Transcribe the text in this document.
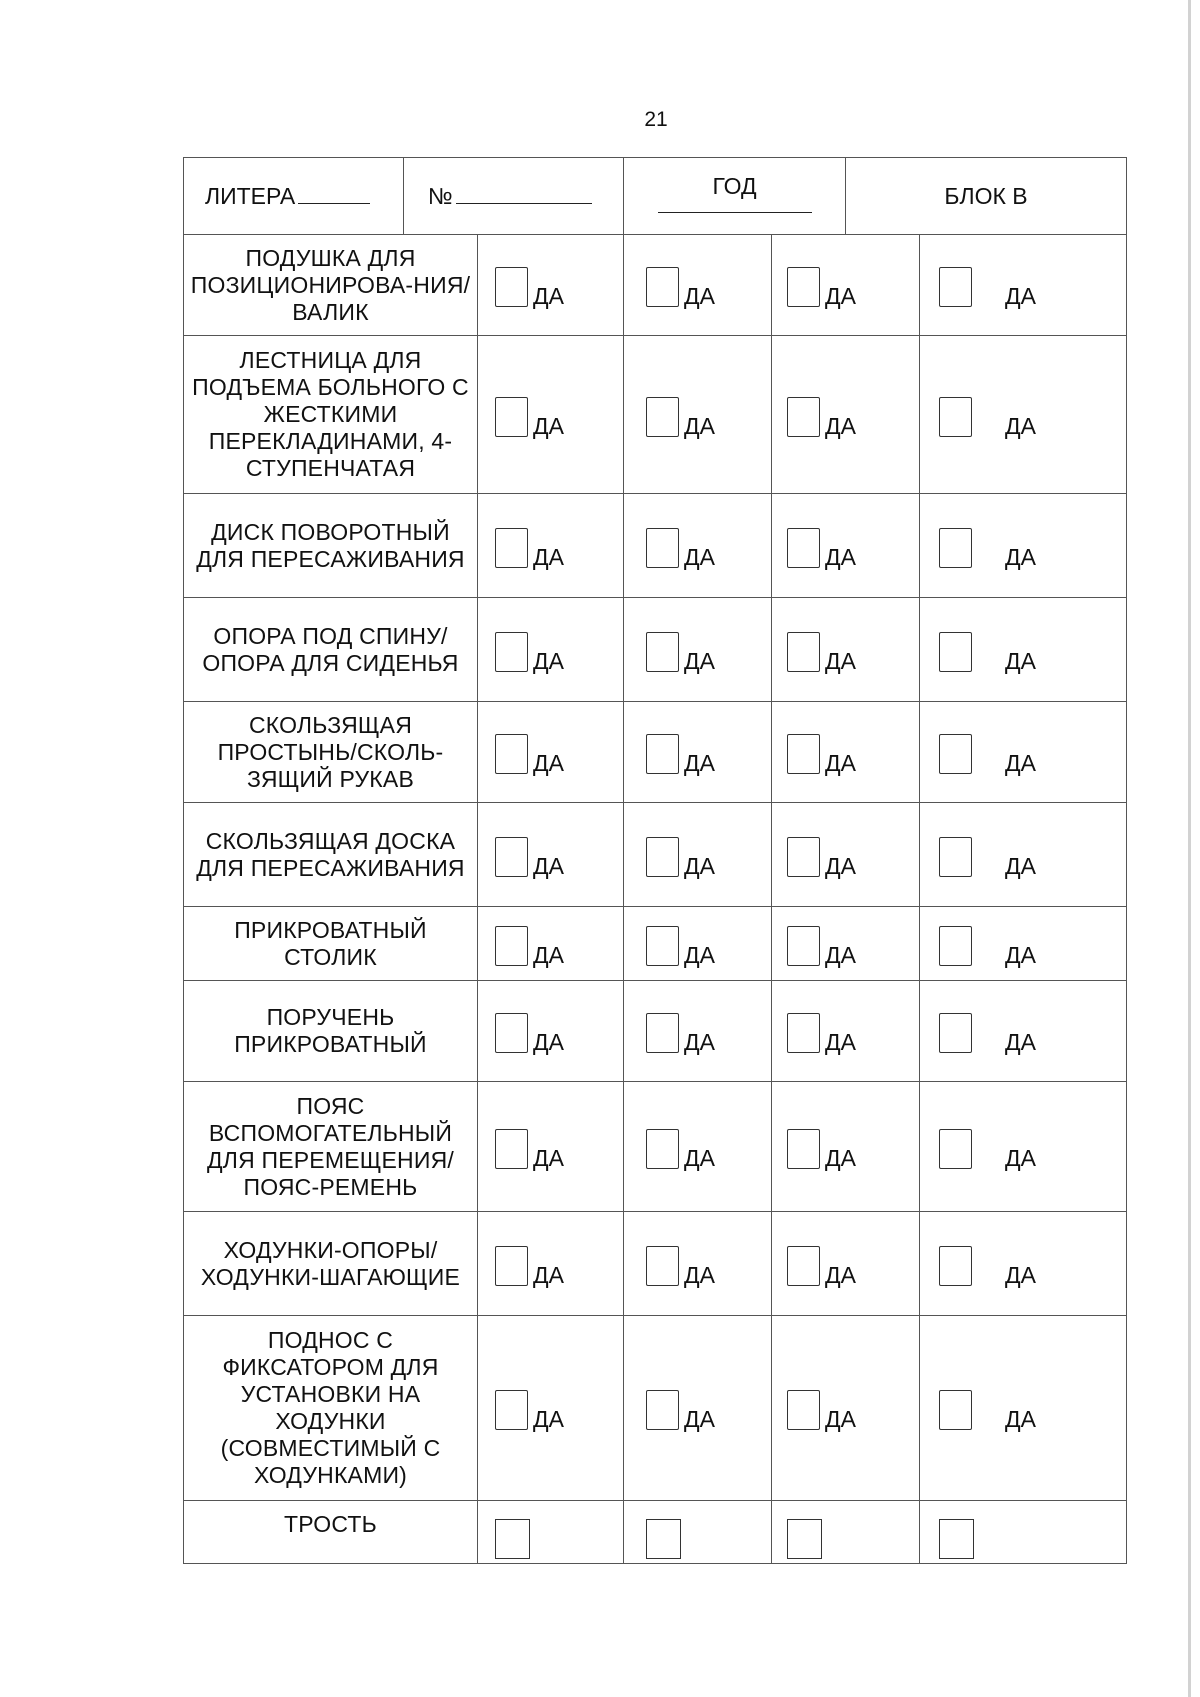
21
ЛИТЕРА	№		ГОД		БЛОК В	
ПОДУШКА ДЛЯ ПОЗИЦИОНИРОВА-НИЯ/ВАЛИК		ДА	ДА	ДА		ДА

ЛЕСТНИЦА ДЛЯ ПОДЪЕМА БОЛЬНОГО С ЖЕСТКИМИ ПЕРЕКЛАДИНАМИ, 4-СТУПЕНЧАТАЯ		ДА	ДА	ДА		ДА

ДИСК ПОВОРОТНЫЙ ДЛЯ ПЕРЕСАЖИВАНИЯ		ДА	ДА	ДА		ДА

ОПОРА ПОД СПИНУ/ОПОРА ДЛЯ СИДЕНЬЯ		ДА	ДА	ДА		ДА

СКОЛЬЗЯЩАЯ ПРОСТЫНЬ/СКОЛЬ-ЗЯЩИЙ РУКАВ		ДА	ДА	ДА		ДА

СКОЛЬЗЯЩАЯ ДОСКА ДЛЯ ПЕРЕСАЖИВАНИЯ		ДА	ДА	ДА		ДА

ПРИКРОВАТНЫЙ СТОЛИК		ДА	ДА	ДА		ДА

ПОРУЧЕНЬ ПРИКРОВАТНЫЙ		ДА	ДА	ДА		ДА

ПОЯС ВСПОМОГАТЕЛЬНЫЙ ДЛЯ ПЕРЕМЕЩЕНИЯ/ ПОЯС-РЕМЕНЬ		ДА	ДА	ДА		ДА

ХОДУНКИ-ОПОРЫ/ХОДУНКИ-ШАГАЮЩИЕ		ДА	ДА	ДА		ДА

ПОДНОС С ФИКСАТОРОМ ДЛЯ УСТАНОВКИ НА ХОДУНКИ (СОВМЕСТИМЫЙ С ХОДУНКАМИ)		ДА	ДА	ДА		ДА

ТРОСТЬ			
